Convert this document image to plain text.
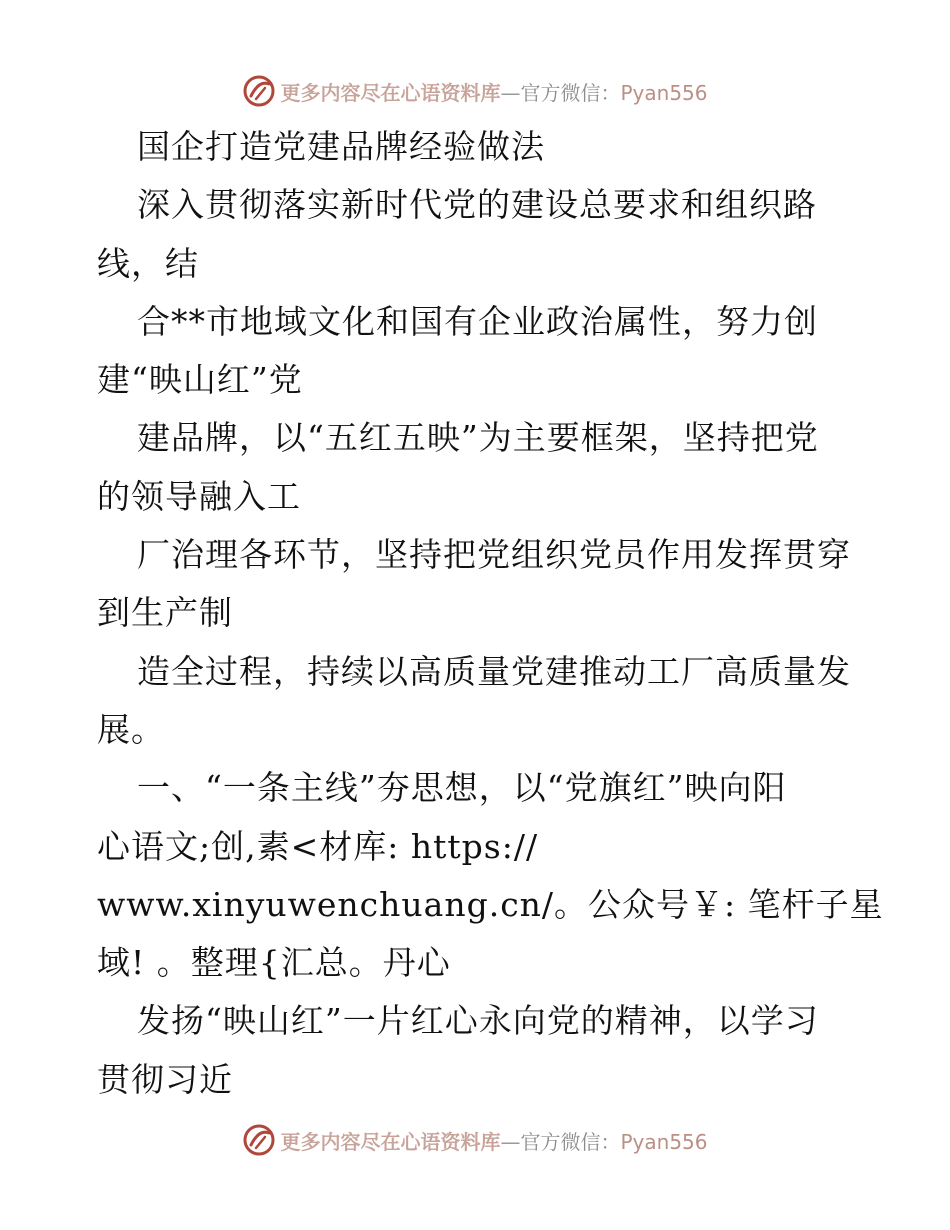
更多内容尽在心语资料库—官方微信：Pyan556
国企打造党建品牌经验做法
深入贯彻落实新时代党的建设总要求和组织路
线，结
合**市地域文化和国有企业政治属性，努力创
建“映山红”党
建品牌，以“五红五映”为主要框架，坚持把党
的领导融入工
厂治理各环节，坚持把党组织党员作用发挥贯穿
到生产制
造全过程，持续以高质量党建推动工厂高质量发
展。
一、“一条主线”夯思想，以“党旗红”映向阳
心语文;创,素<材库: https://
www.xinyuwenchuang.cn/。公众号￥: 笔杆子星
域! 。整理{汇总。丹心
发扬“映山红”一片红心永向党的精神，以学习
贯彻习近
更多内容尽在心语资料库—官方微信：Pyan556
